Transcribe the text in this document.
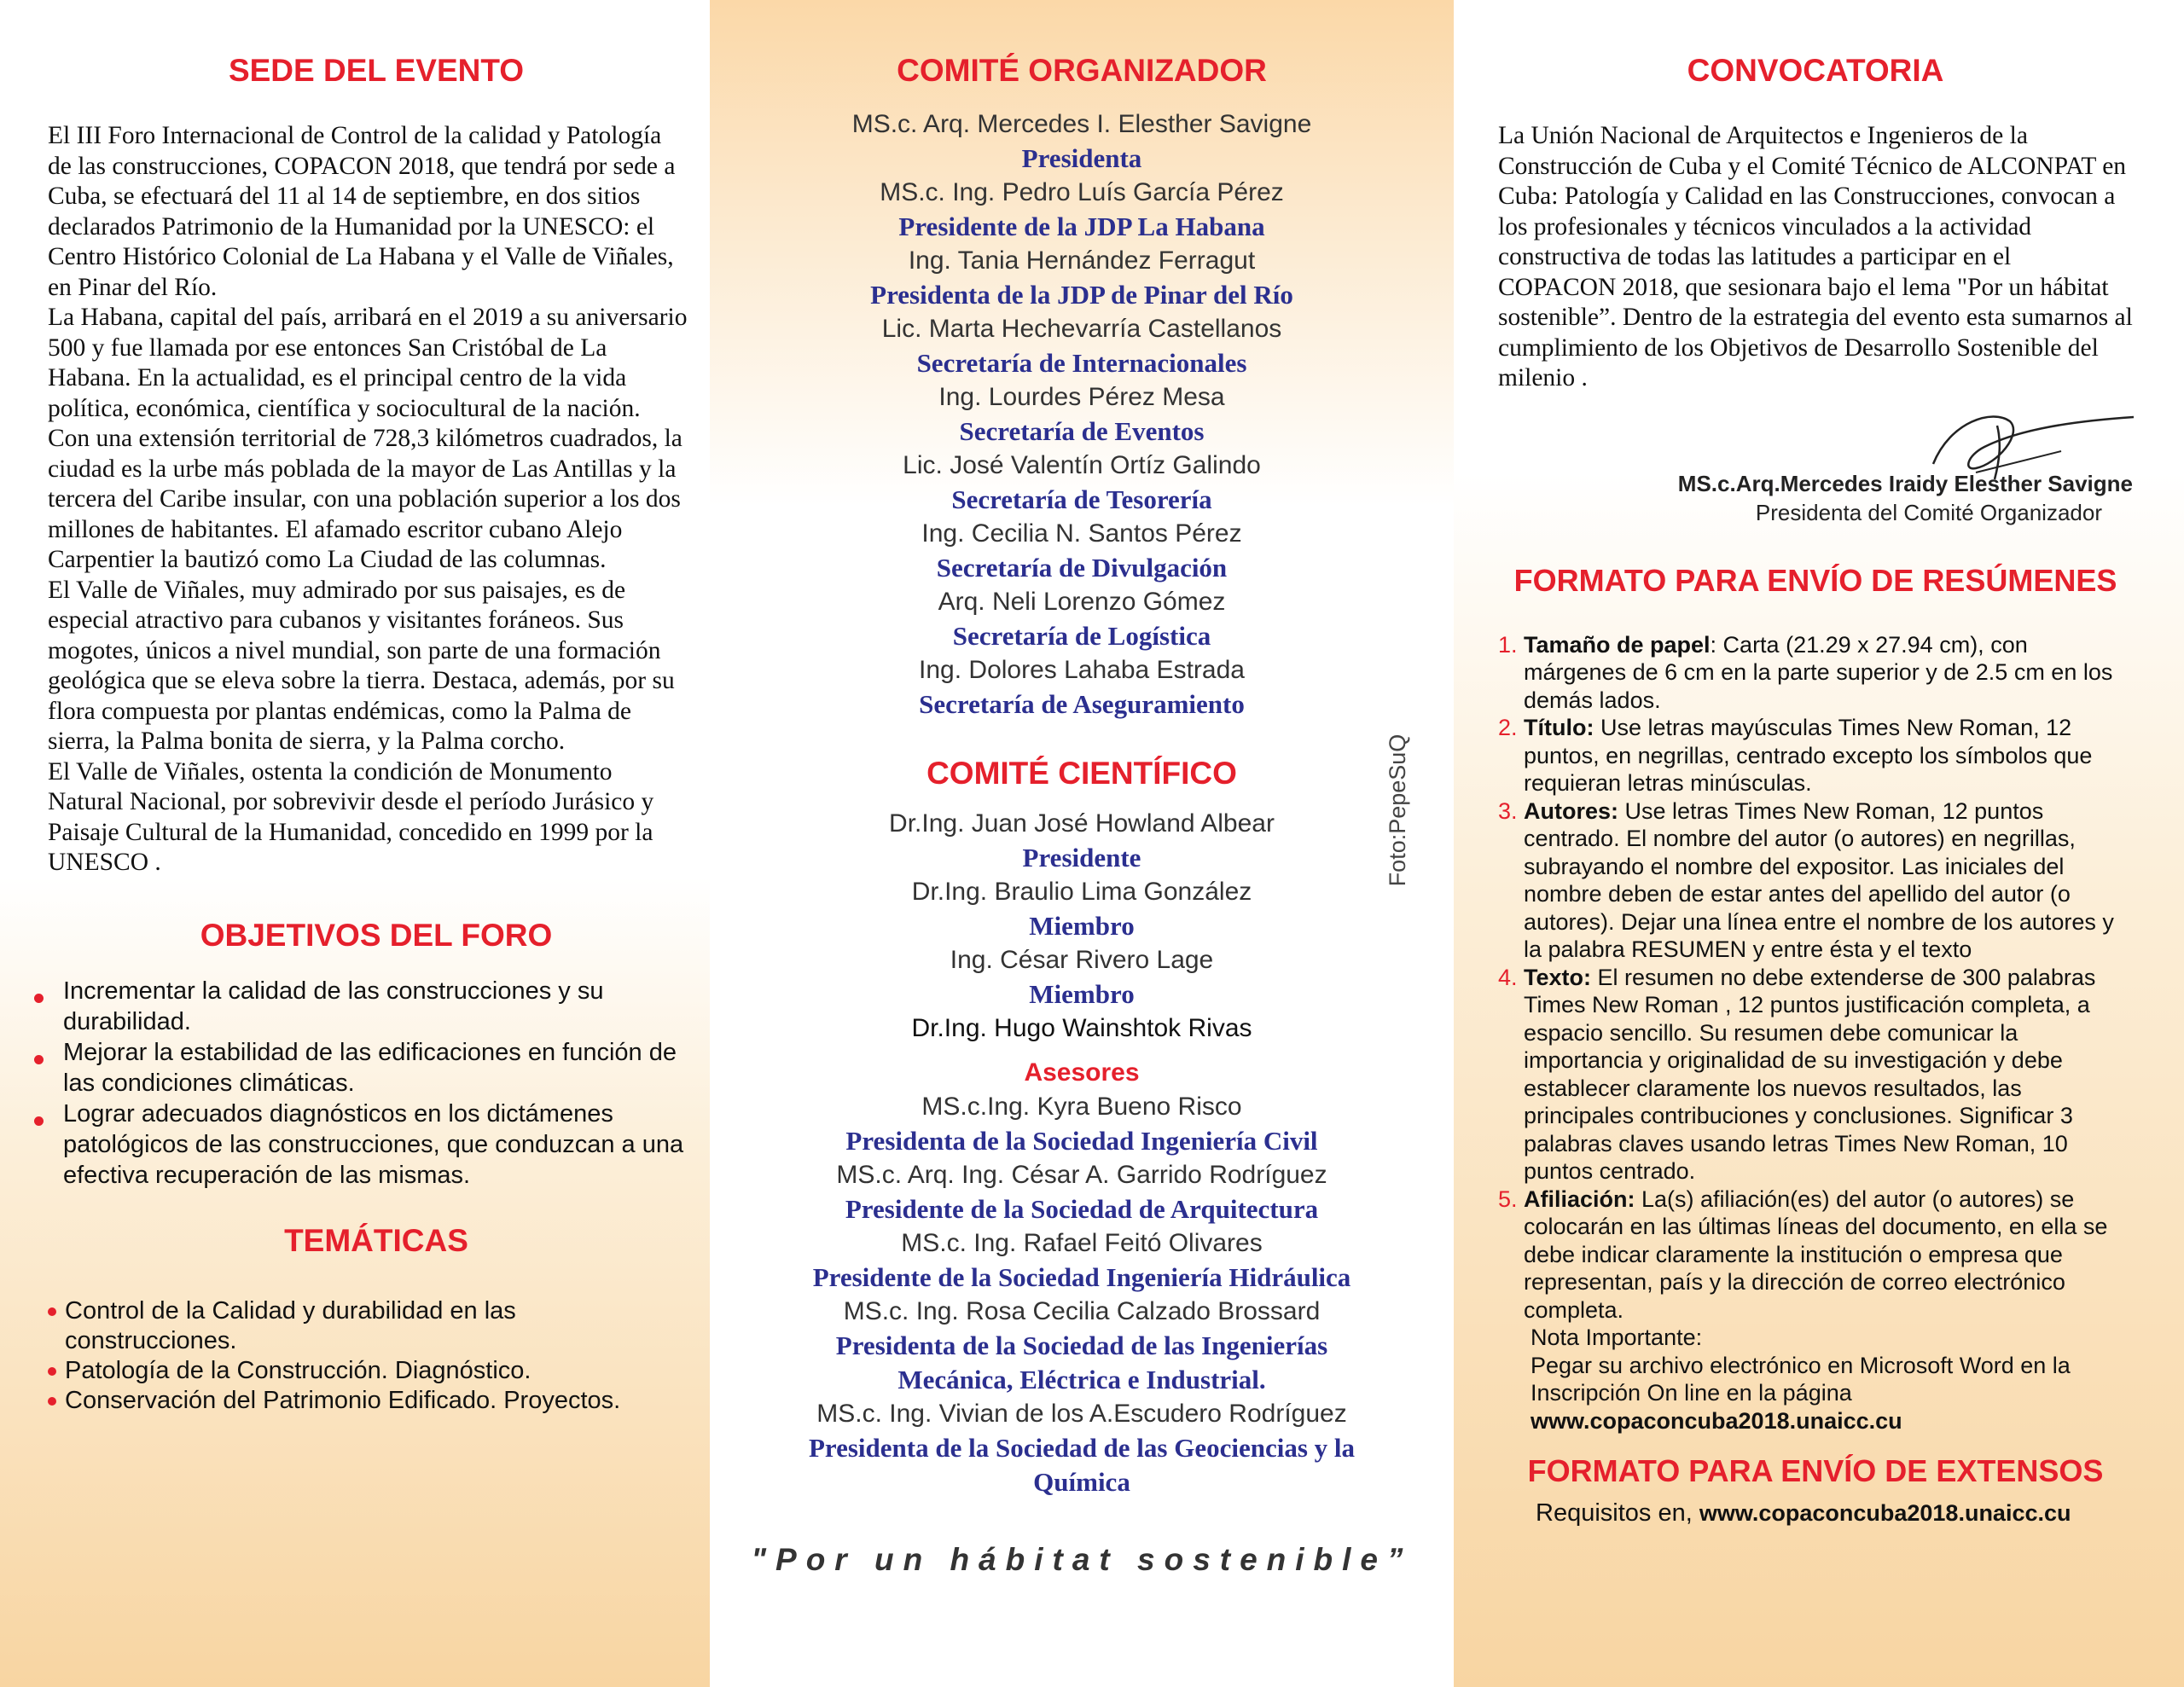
SEDE DEL EVENTO

El III Foro Internacional de Control de la calidad y Patología de las construcciones, COPACON 2018, que tendrá por sede a Cuba, se efectuará del 11 al 14 de septiembre, en dos sitios declarados Patrimonio de la Humanidad por la UNESCO: el Centro Histórico Colonial de La Habana y el Valle de Viñales, en Pinar del Río.

La Habana, capital del país, arribará en el 2019 a su aniversario 500 y fue llamada por ese entonces San Cristóbal de La Habana. En la actualidad, es el principal centro de la vida política, económica, científica y sociocultural de la nación.

Con una extensión territorial de 728,3 kilómetros cuadrados, la ciudad es la urbe más poblada de la mayor de Las Antillas y la tercera del Caribe insular, con una población superior a los dos millones de habitantes. El afamado escritor cubano Alejo Carpentier la bautizó como La Ciudad de las columnas.

El Valle de Viñales, muy admirado por sus paisajes, es de especial atractivo para cubanos y visitantes foráneos. Sus mogotes, únicos a nivel mundial, son parte de una formación geológica que se eleva sobre la tierra. Destaca, además, por su flora compuesta por plantas endémicas, como la Palma de sierra, la Palma bonita de sierra, y la Palma corcho.

El Valle de Viñales, ostenta la condición de Monumento Natural Nacional, por sobrevivir desde el período Jurásico y Paisaje Cultural de la Humanidad, concedido en 1999 por la UNESCO .

OBJETIVOS DEL FORO
Incrementar la calidad de las construcciones y su durabilidad.
Mejorar la estabilidad de las edificaciones en función de las condiciones climáticas.
Lograr adecuados diagnósticos en los dictámenes patológicos de las construcciones, que conduzcan a una efectiva recuperación de las mismas.
TEMÁTICAS
Control de la Calidad y durabilidad en las construcciones.
Patología de la Construcción. Diagnóstico.
Conservación del Patrimonio Edificado. Proyectos.
COMITÉ ORGANIZADOR
MS.c. Arq. Mercedes I. Elesther Savigne
Presidenta
MS.c. Ing. Pedro Luís García Pérez
Presidente de la JDP La Habana
Ing. Tania Hernández Ferragut
Presidenta de la JDP de Pinar del Río
Lic. Marta Hechevarría Castellanos
Secretaría de Internacionales
Ing. Lourdes Pérez Mesa
Secretaría de Eventos
Lic. José Valentín Ortíz Galindo
Secretaría de Tesorería
Ing. Cecilia N. Santos Pérez
Secretaría de Divulgación
Arq. Neli Lorenzo Gómez
Secretaría de Logística
Ing. Dolores Lahaba Estrada
Secretaría de Aseguramiento
COMITÉ CIENTÍFICO
Dr.Ing. Juan José Howland Albear
Presidente
Dr.Ing. Braulio Lima González
Miembro
Ing. César Rivero Lage
Miembro
Dr.Ing. Hugo Wainshtok Rivas
Asesores
MS.c.Ing. Kyra Bueno Risco
Presidenta de la Sociedad Ingeniería Civil
MS.c. Arq. Ing. César A. Garrido Rodríguez
Presidente de la Sociedad de Arquitectura
MS.c. Ing. Rafael Feitó Olivares
Presidente de la Sociedad Ingeniería Hidráulica
MS.c. Ing. Rosa Cecilia Calzado Brossard
Presidenta de la Sociedad de las Ingenierías Mecánica, Eléctrica e Industrial.
MS.c. Ing. Vivian de los A.Escudero Rodríguez
Presidenta de la Sociedad de las Geociencias y la Química
"Por un hábitat sostenible”
CONVOCATORIA

La Unión Nacional de Arquitectos e Ingenieros de la Construcción de Cuba y el Comité Técnico de ALCONPAT en Cuba: Patología y Calidad en las Construcciones, convocan a los profesionales y técnicos vinculados a la actividad constructiva de todas las latitudes a participar en el COPACON 2018, que sesionara bajo el lema "Por un hábitat sostenible”. Dentro de la estrategia del evento esta sumarnos al cumplimiento de los Objetivos de Desarrollo Sostenible del milenio .

MS.c.Arq.Mercedes Iraidy Elesther Savigne
Presidenta del Comité Organizador
FORMATO PARA ENVÍO DE RESÚMENES
1. Tamaño de papel: Carta (21.29 x 27.94 cm), con márgenes de 6 cm en la parte superior y de 2.5 cm en los demás lados.
2. Título: Use letras mayúsculas Times New Roman, 12 puntos, en negrillas, centrado excepto los símbolos que requieran letras minúsculas.
3. Autores: Use letras Times New Roman, 12 puntos centrado. El nombre del autor (o autores) en negrillas, subrayando el nombre del expositor. Las iniciales del nombre deben de estar antes del apellido del autor (o autores). Dejar una línea entre el nombre de los autores y la palabra RESUMEN y entre ésta y el texto
4. Texto: El resumen no debe extenderse de 300 palabras Times New Roman , 12 puntos justificación completa, a espacio sencillo. Su resumen debe comunicar la importancia y originalidad de su investigación y debe establecer claramente los nuevos resultados, las principales contribuciones y conclusiones. Significar 3 palabras claves usando letras Times New Roman, 10 puntos centrado.
5. Afiliación: La(s) afiliación(es) del autor (o autores) se colocarán en las últimas líneas del documento, en ella se debe indicar claramente la institución o empresa que representan, país y la dirección de correo electrónico completa.
Nota Importante:
Pegar su archivo electrónico en Microsoft Word en la Inscripción On line en la página
www.copaconcuba2018.unaicc.cu
FORMATO PARA ENVÍO DE EXTENSOS
Requisitos en, www.copaconcuba2018.unaicc.cu
Foto:PepeSuQ
